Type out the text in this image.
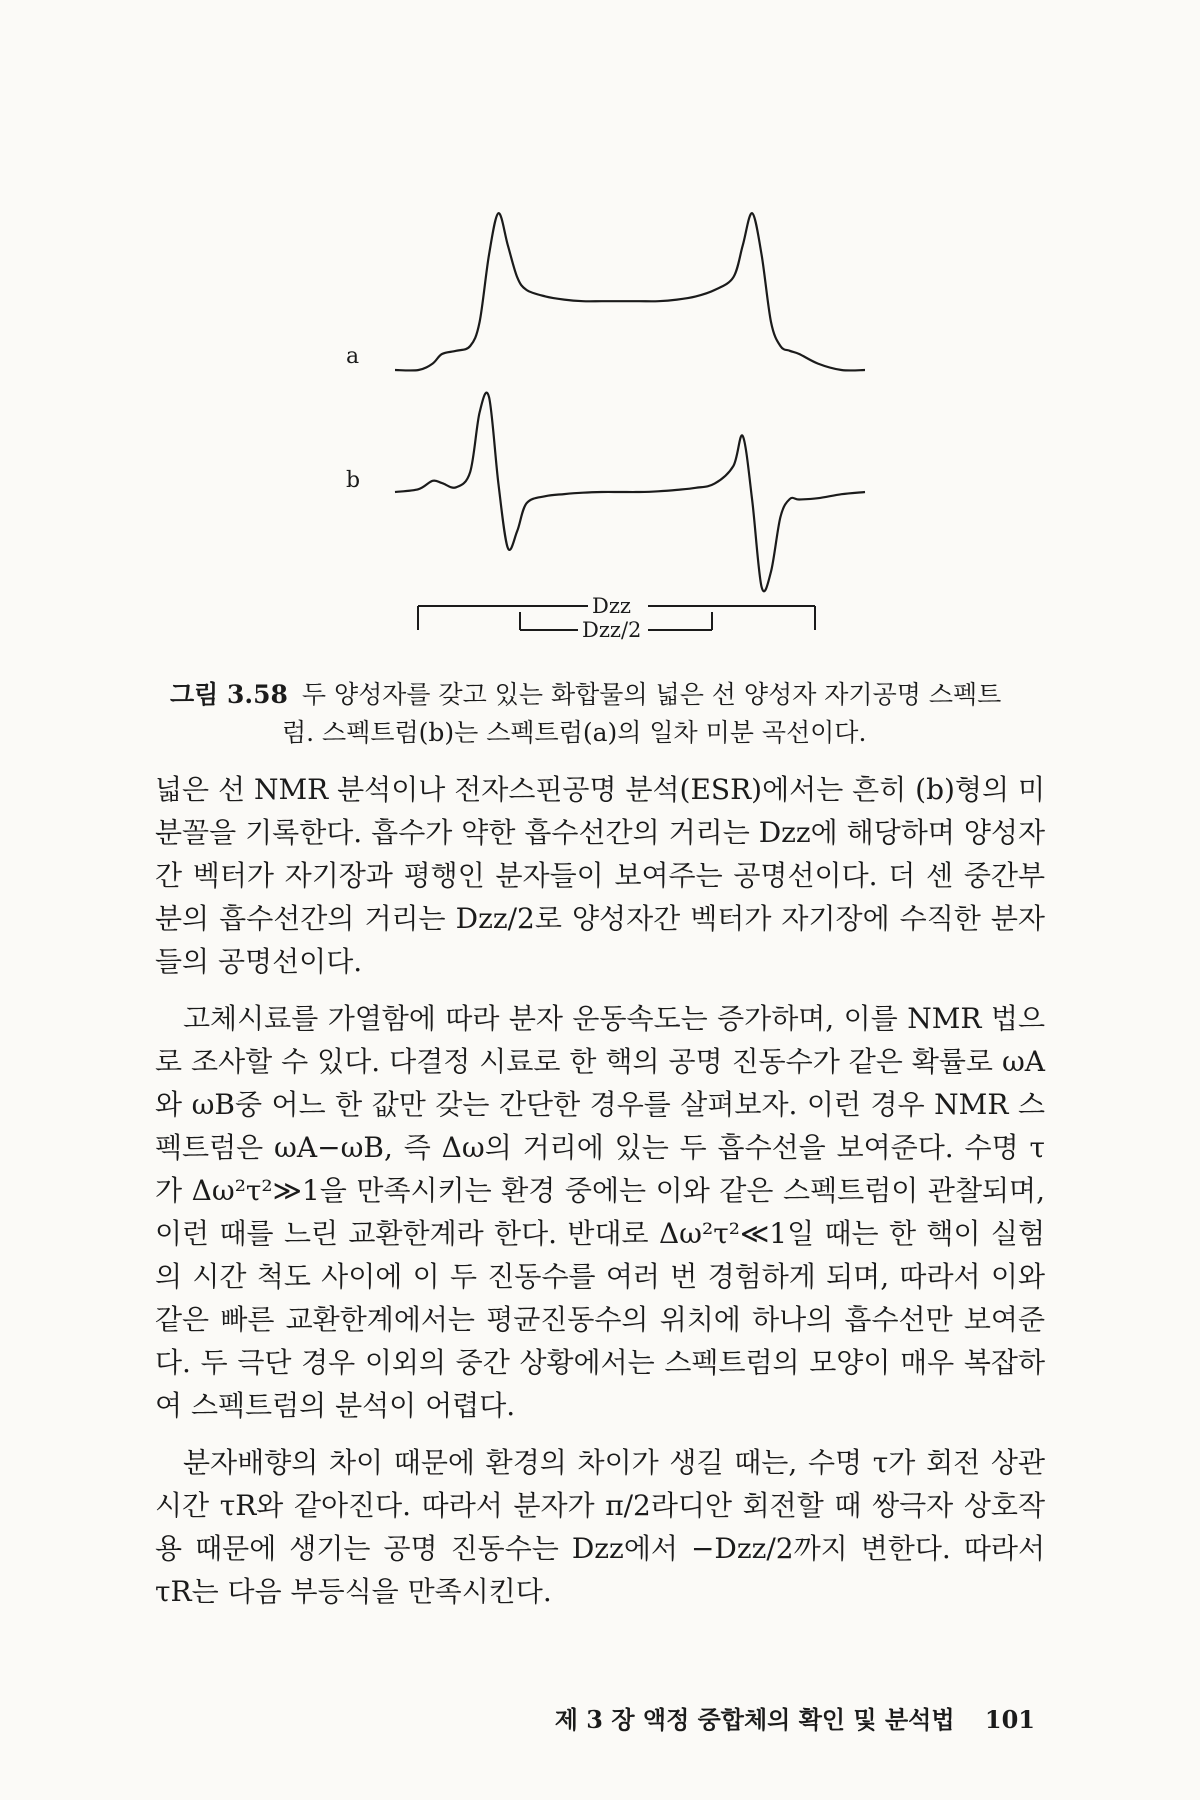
a
b
Dzz
Dzz/2
그림 3.58 두 양성자를 갖고 있는 화합물의 넓은 선 양성자 자기공명 스펙트
럼. 스펙트럼(b)는 스펙트럼(a)의 일차 미분 곡선이다.

넓은 선 NMR 분석이나 전자스핀공명 분석(ESR)에서는 흔히 (b)형의 미분꼴을 기록한다. 흡수가 약한 흡수선간의 거리는 Dzz에 해당하며 양성자간 벡터가 자기장과 평행인 분자들이 보여주는 공명선이다. 더 센 중간부분의 흡수선간의 거리는 Dzz/2로 양성자간 벡터가 자기장에 수직한 분자들의 공명선이다.

고체시료를 가열함에 따라 분자 운동속도는 증가하며, 이를 NMR 법으로 조사할 수 있다. 다결정 시료로 한 핵의 공명 진동수가 같은 확률로 ωA와 ωB중 어느 한 값만 갖는 간단한 경우를 살펴보자. 이런 경우 NMR 스펙트럼은 ωA−ωB, 즉 Δω의 거리에 있는 두 흡수선을 보여준다. 수명 τ가 Δω²τ²≫1을 만족시키는 환경 중에는 이와 같은 스펙트럼이 관찰되며, 이런 때를 느린 교환한계라 한다. 반대로 Δω²τ²≪1일 때는 한 핵이 실험의 시간 척도 사이에 이 두 진동수를 여러 번 경험하게 되며, 따라서 이와 같은 빠른 교환한계에서는 평균진동수의 위치에 하나의 흡수선만 보여준다. 두 극단 경우 이외의 중간 상황에서는 스펙트럼의 모양이 매우 복잡하여 스펙트럼의 분석이 어렵다.

분자배향의 차이 때문에 환경의 차이가 생길 때는, 수명 τ가 회전 상관시간 τR와 같아진다. 따라서 분자가 π/2라디안 회전할 때 쌍극자 상호작용 때문에 생기는 공명 진동수는 Dzz에서 −Dzz/2까지 변한다. 따라서 τR는 다음 부등식을 만족시킨다.

제 3 장 액정 중합체의 확인 및 분석법 101
